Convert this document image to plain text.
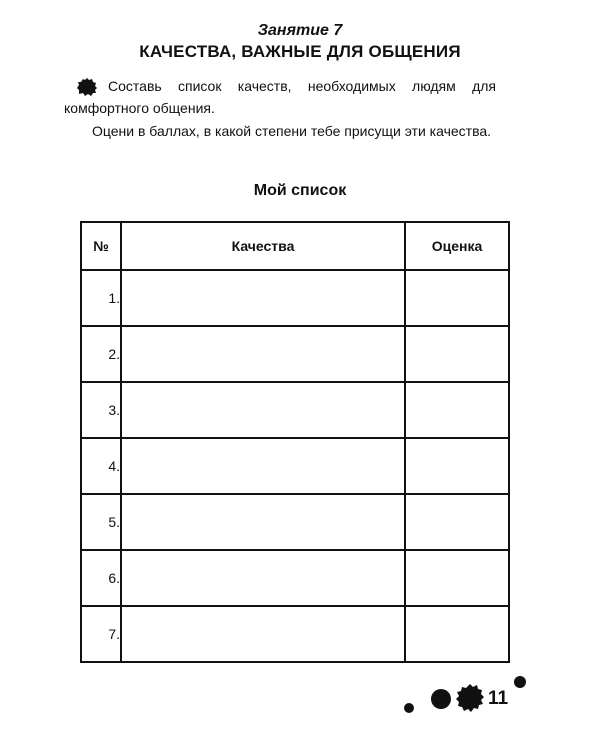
Занятие 7
КАЧЕСТВА, ВАЖНЫЕ ДЛЯ ОБЩЕНИЯ

Составь список качеств, необходимых людям для комфортного общения.

Оцени в баллах, в какой степени тебе присущи эти качества.

Мой список
№	Качества	Оценка
1.		
2.		
3.		
4.		
5.		
6.		
7.		
11
